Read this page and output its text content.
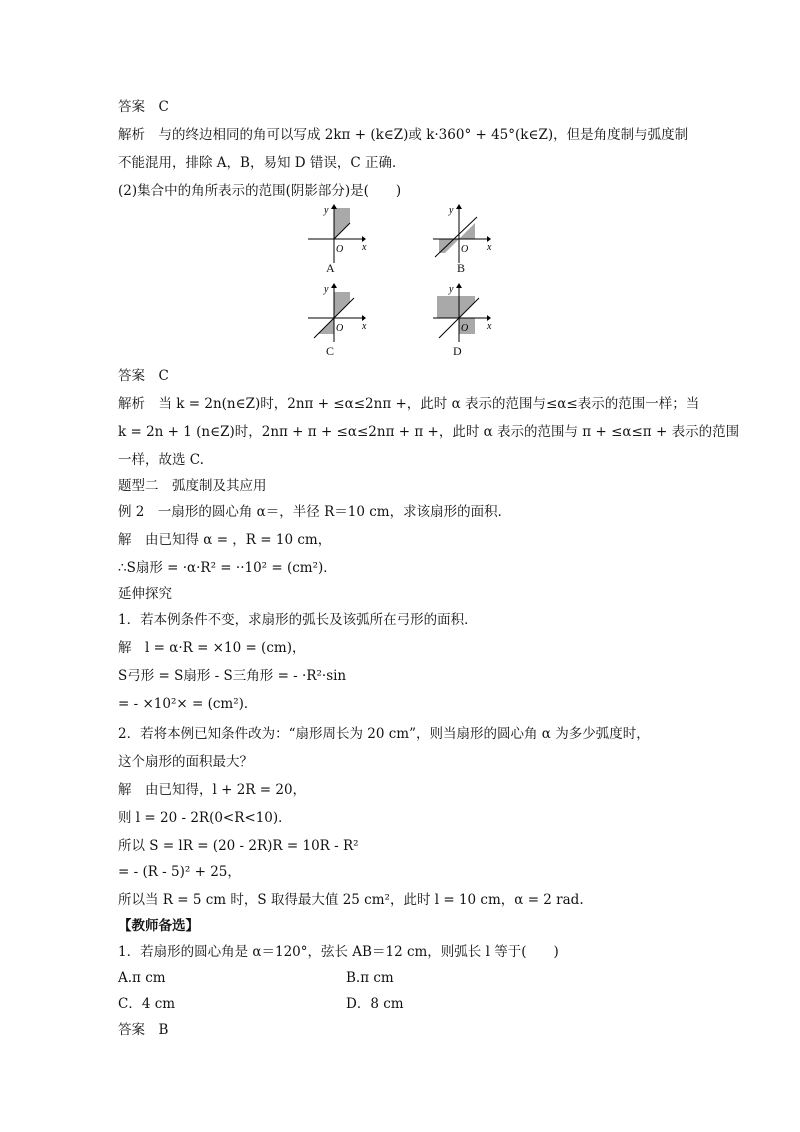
答案　C
解析　与的终边相同的角可以写成 2kπ + (k∈Z)或 k·360° + 45°(k∈Z)，但是角度制与弧度制
不能混用，排除 A，B，易知 D 错误，C 正确．
(2)集合中的角所表示的范围(阴影部分)是(　　)
y
x
O
A
y
x
O
B
y
x
O
C
y
x
O
D
答案　C
解析　当 k = 2n(n∈Z)时，2nπ + ≤α≤2nπ +，此时 α 表示的范围与≤α≤表示的范围一样；当
k = 2n + 1 (n∈Z)时，2nπ + π + ≤α≤2nπ + π +，此时 α 表示的范围与 π + ≤α≤π + 表示的范围
一样，故选 C.
题型二　弧度制及其应用
例 2　一扇形的圆心角 α＝，半径 R＝10 cm，求该扇形的面积．
解　由已知得 α = ，R = 10 cm，
∴S扇形 = ·α·R² = ··10² = (cm²)．
延伸探究
1．若本例条件不变，求扇形的弧长及该弧所在弓形的面积．
解　l = α·R = ×10 = (cm)，
S弓形 = S扇形 - S三角形 = - ·R²·sin
= - ×10²× = (cm²)．
2．若将本例已知条件改为：“扇形周长为 20 cm”，则当扇形的圆心角 α 为多少弧度时，
这个扇形的面积最大？
解　由已知得，l + 2R = 20，
则 l = 20 - 2R(0<R<10)．
所以 S = lR = (20 - 2R)R = 10R - R²
= - (R - 5)² + 25，
所以当 R = 5 cm 时，S 取得最大值 25 cm²，此时 l = 10 cm，α = 2 rad.
【教师备选】
1．若扇形的圆心角是 α＝120°，弦长 AB＝12 cm，则弧长 l 等于(　　)
A.π cm	B.π cm
C．4 cm	D．8 cm
答案　B
